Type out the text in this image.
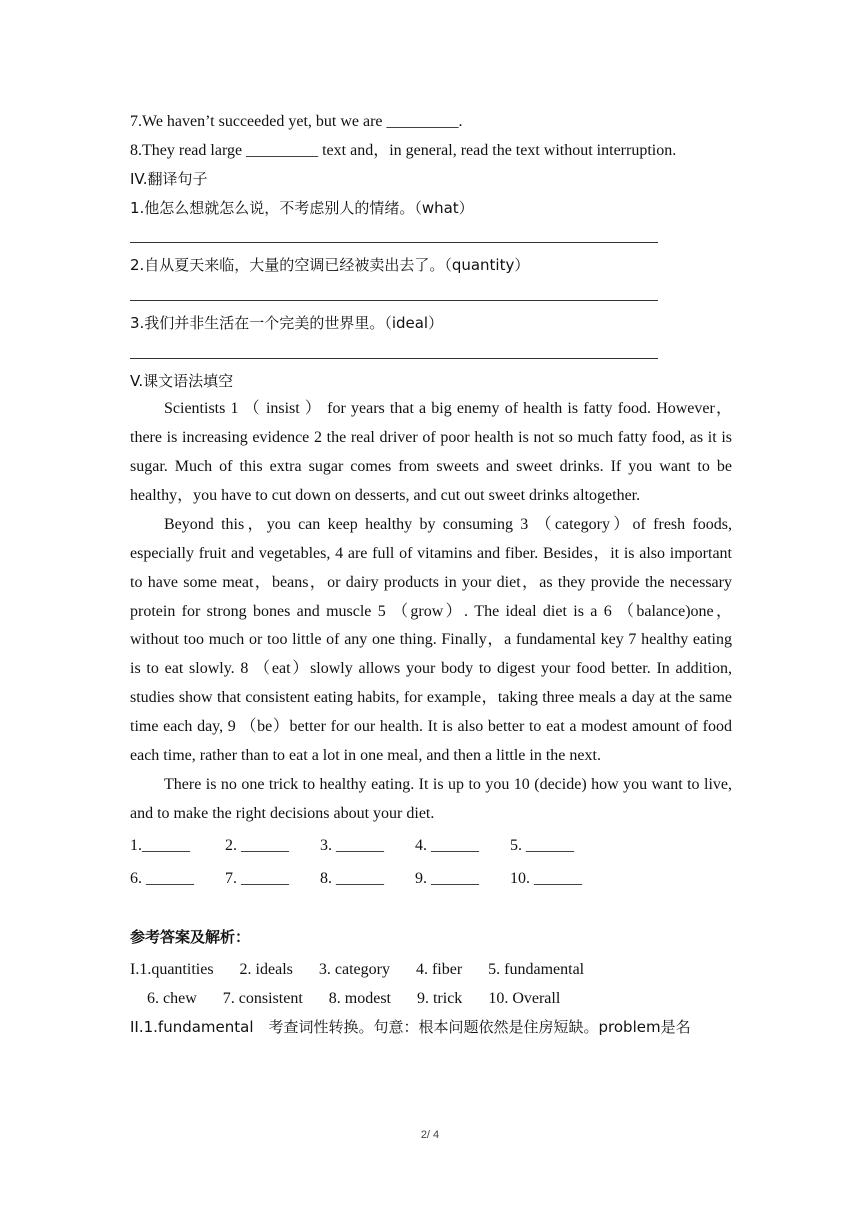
7.We haven’t succeeded yet, but we are _________.
8.They read large _________ text and，in general, read the text without interruption.
IV.翻译句子
1.他怎么想就怎么说，不考虑别人的情绪。（what）
2.自从夏天来临，大量的空调已经被卖出去了。（quantity）
3.我们并非生活在一个完美的世界里。（ideal）
V.课文语法填空
Scientists 1 （ insist ） for years that a big enemy of health is fatty food. However，there is increasing evidence 2 the real driver of poor health is not so much fatty food, as it is sugar. Much of this extra sugar comes from sweets and sweet drinks. If you want to be healthy，you have to cut down on desserts, and cut out sweet drinks altogether.
Beyond this，you can keep healthy by consuming 3 （category）of fresh foods, especially fruit and vegetables, 4 are full of vitamins and fiber. Besides，it is also important to have some meat，beans，or dairy products in your diet，as they provide the necessary protein for strong bones and muscle 5 （grow）. The ideal diet is a 6 （balance)one，without too much or too little of any one thing. Finally，a fundamental key 7 healthy eating is to eat slowly. 8 （eat）slowly allows your body to digest your food better. In addition, studies show that consistent eating habits, for example，taking three meals a day at the same time each day, 9 （be）better for our health. It is also better to eat a modest amount of food each time, rather than to eat a lot in one meal, and then a little in the next.
There is no one trick to healthy eating. It is up to you 10 (decide) how you want to live, and to make the right decisions about your diet.
1.______	2. ______	3. ______	4. ______	5. ______
6. ______	7. ______	8. ______	9. ______	10. ______
参考答案及解析：
I.1.quantities 2. ideals 3. category 4. fiber 5. fundamental
6. chew 7. consistent 8. modest 9. trick 10. Overall
II.1.fundamental　考查词性转换。句意：根本问题依然是住房短缺。problem是名
2/ 4
